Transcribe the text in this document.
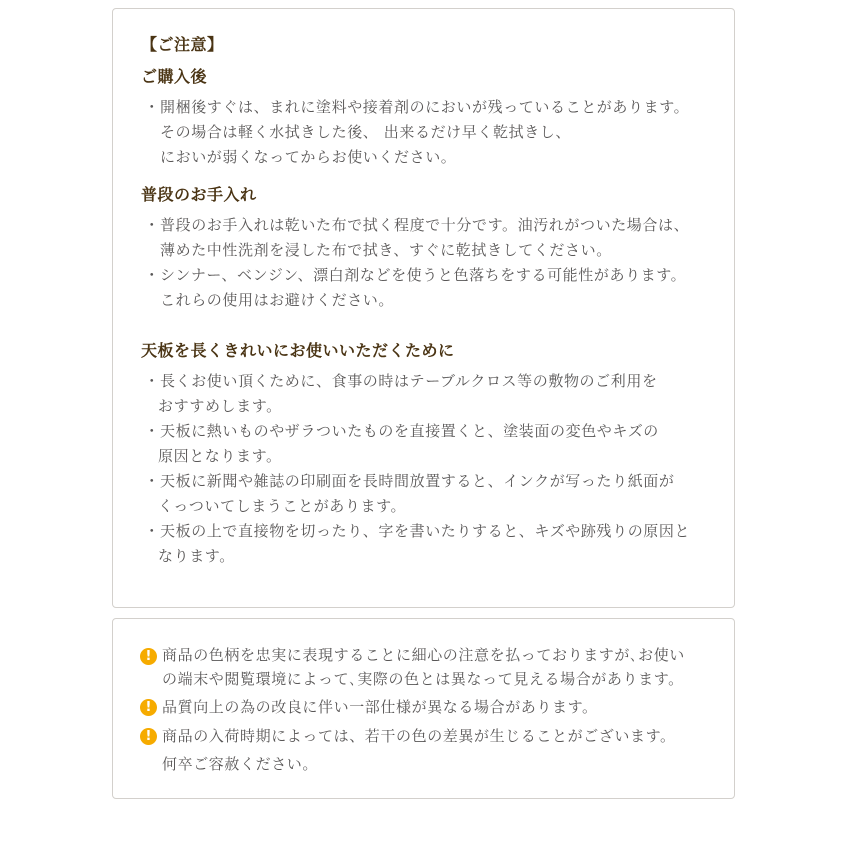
【ご注意】
ご購入後
･ 開梱後すぐは、まれに塗料や接着剤のにおいが残っていることがあります。
その場合は軽く水拭きした後、 出来るだけ早く乾拭きし、
においが弱くなってからお使いください。
普段のお手入れ
･ 普段のお手入れは乾いた布で拭く程度で十分です。油汚れがついた場合は、
薄めた中性洗剤を浸した布で拭き、すぐに乾拭きしてください。
･ シンナー、ベンジン、漂白剤などを使うと色落ちをする可能性があります。
これらの使用はお避けください。
天板を長くきれいにお使いいただくために
･ 長くお使い頂くために、食事の時はテーブルクロス等の敷物のご利用を
おすすめします。
･ 天板に熱いものやザラついたものを直接置くと、塗装面の変色やキズの
原因となります。
･ 天板に新聞や雑誌の印刷面を長時間放置すると、インクが写ったり紙面が
くっついてしまうことがあります。
･ 天板の上で直接物を切ったり、字を書いたりすると、キズや跡残りの原因と
なります。
! 商品の色柄を忠実に表現することに細心の注意を払っておりますが､お使い
の端末や閲覧環境によって､実際の色とは異なって見える場合があります。
! 品質向上の為の改良に伴い一部仕様が異なる場合があります。
! 商品の入荷時期によっては、若干の色の差異が生じることがございます。
何卒ご容赦ください。
